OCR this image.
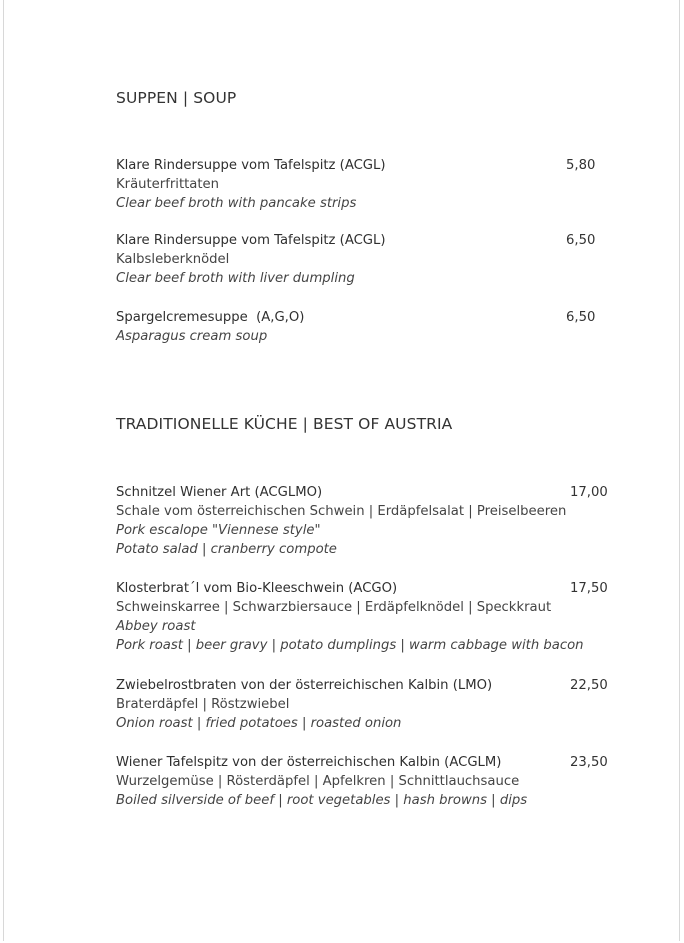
SUPPEN | SOUP
Klare Rindersuppe vom Tafelspitz (ACGL)
Kräuterfrittaten
Clear beef broth with pancake strips
5,80
Klare Rindersuppe vom Tafelspitz (ACGL)
Kalbsleberknödel
Clear beef broth with liver dumpling
6,50
Spargelcremesuppe  (A,G,O)
Asparagus cream soup
6,50
TRADITIONELLE KÜCHE | BEST OF AUSTRIA
Schnitzel Wiener Art (ACGLMO)
Schale vom österreichischen Schwein | Erdäpfelsalat | Preiselbeeren
Pork escalope "Viennese style"
Potato salad | cranberry compote
17,00
Klosterbrat´l vom Bio-Kleeschwein (ACGO)
Schweinskarree | Schwarzbiersauce | Erdäpfelknödel | Speckkraut
Abbey roast
Pork roast | beer gravy | potato dumplings | warm cabbage with bacon
17,50
Zwiebelrostbraten von der österreichischen Kalbin (LMO)
Braterdäpfel | Röstzwiebel
Onion roast | fried potatoes | roasted onion
22,50
Wiener Tafelspitz von der österreichischen Kalbin (ACGLM)
Wurzelgemüse | Rösterdäpfel | Apfelkren | Schnittlauchsauce
Boiled silverside of beef | root vegetables | hash browns | dips
23,50
